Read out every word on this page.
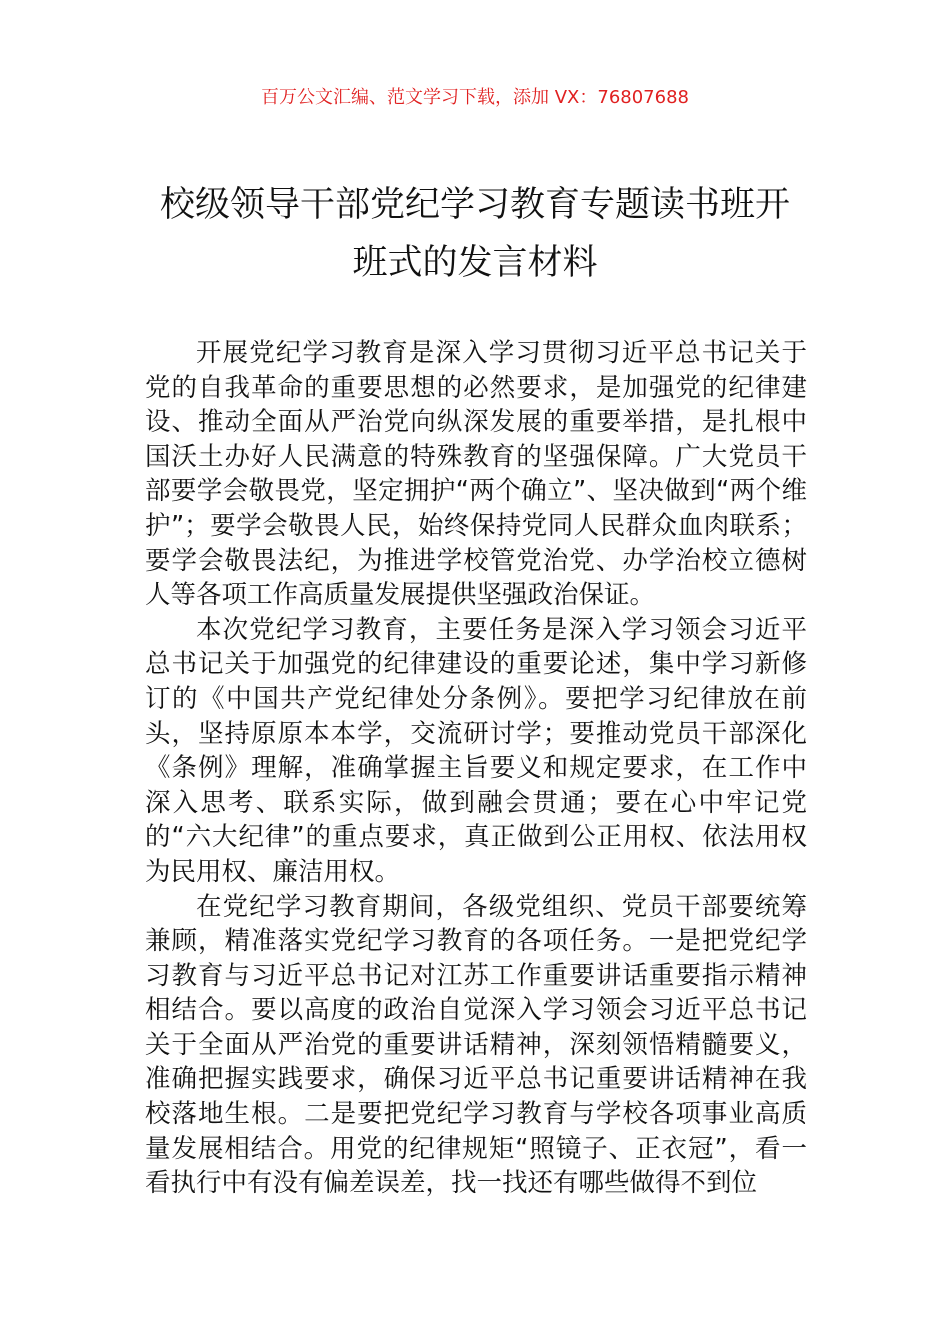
百万公文汇编、范文学习下载，添加 VX：76807688
校级领导干部党纪学习教育专题读书班开
班式的发言材料

开展党纪学习教育是深入学习贯彻习近平总书记关于党的自我革命的重要思想的必然要求，是加强党的纪律建设、推动全面从严治党向纵深发展的重要举措，是扎根中国沃土办好人民满意的特殊教育的坚强保障。广大党员干部要学会敬畏党，坚定拥护“两个确立”、坚决做到“两个维护”；要学会敬畏人民，始终保持党同人民群众血肉联系；要学会敬畏法纪，为推进学校管党治党、办学治校立德树人等各项工作高质量发展提供坚强政治保证。

本次党纪学习教育，主要任务是深入学习领会习近平总书记关于加强党的纪律建设的重要论述，集中学习新修订的《中国共产党纪律处分条例》。要把学习纪律放在前头，坚持原原本本学，交流研讨学；要推动党员干部深化《条例》理解，准确掌握主旨要义和规定要求，在工作中深入思考、联系实际，做到融会贯通；要在心中牢记党的“六大纪律”的重点要求，真正做到公正用权、依法用权为民用权、廉洁用权。

在党纪学习教育期间，各级党组织、党员干部要统筹兼顾，精准落实党纪学习教育的各项任务。一是把党纪学习教育与习近平总书记对江苏工作重要讲话重要指示精神相结合。要以高度的政治自觉深入学习领会习近平总书记关于全面从严治党的重要讲话精神，深刻领悟精髓要义，准确把握实践要求，确保习近平总书记重要讲话精神在我校落地生根。二是要把党纪学习教育与学校各项事业高质量发展相结合。用党的纪律规矩“照镜子、正衣冠”，看一看执行中有没有偏差误差，找一找还有哪些做得不到位
